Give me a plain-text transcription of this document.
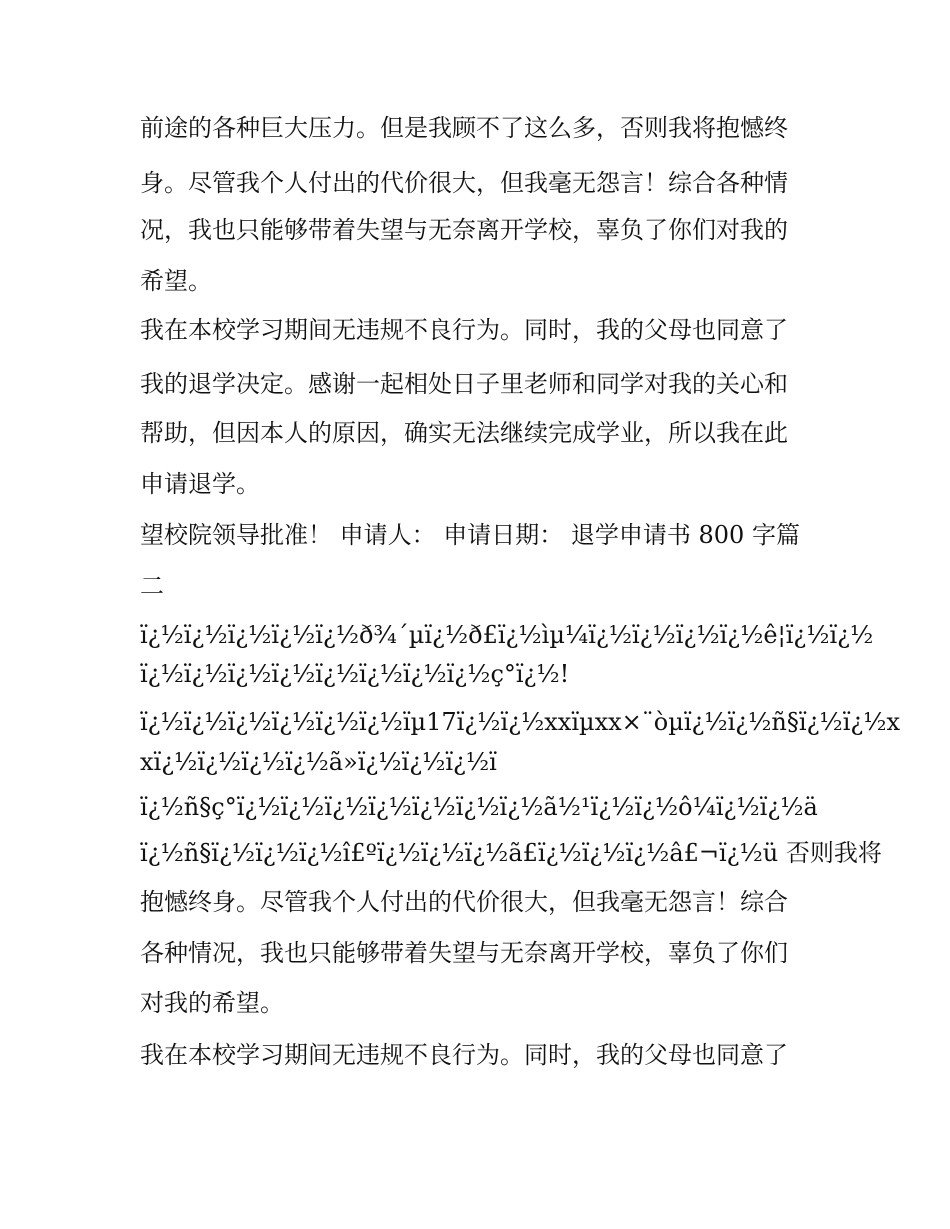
前途的各种巨大压力。但是我顾不了这么多，否则我将抱憾终
身。尽管我个人付出的代价很大，但我毫无怨言！综合各种情
况，我也只能够带着失望与无奈离开学校，辜负了你们对我的
希望。
我在本校学习期间无违规不良行为。同时，我的父母也同意了
我的退学决定。感谢一起相处日子里老师和同学对我的关心和
帮助，但因本人的原因，确实无法继续完成学业，所以我在此
申请退学。
望校院领导批准！ 申请人： 申请日期： 退学申请书 800 字篇
二
ï¿½ï¿½ï¿½ï¿½ï¿½ð¾´µï¿½ð£ï¿½ìµ¼ï¿½ï¿½ï¿½ï¿½ê¦ï¿½ï¿½
ï¿½ï¿½ï¿½ï¿½ï¿½ï¿½ï¿½ï¿½ç°ï¿½!
ï¿½ï¿½ï¿½ï¿½ï¿½ï¿½ïµ17ï¿½ï¿½xxïµxx×¨òµï¿½ï¿½ñ§ï¿½ï¿½x
xï¿½ï¿½ï¿½ï¿½ã»ï¿½ï¿½ï¿½ï
ï¿½ñ§ç°ï¿½ï¿½ï¿½ï¿½ï¿½ï¿½ï¿½ã½¹ï¿½ï¿½ô¼ï¿½ï¿½ä
ï¿½ñ§ï¿½ï¿½ï¿½î£ºï¿½ï¿½ï¿½ã£ï¿½ï¿½ï¿½â£¬ï¿½ü 否则我将
抱憾终身。尽管我个人付出的代价很大，但我毫无怨言！综合
各种情况，我也只能够带着失望与无奈离开学校，辜负了你们
对我的希望。
我在本校学习期间无违规不良行为。同时，我的父母也同意了
